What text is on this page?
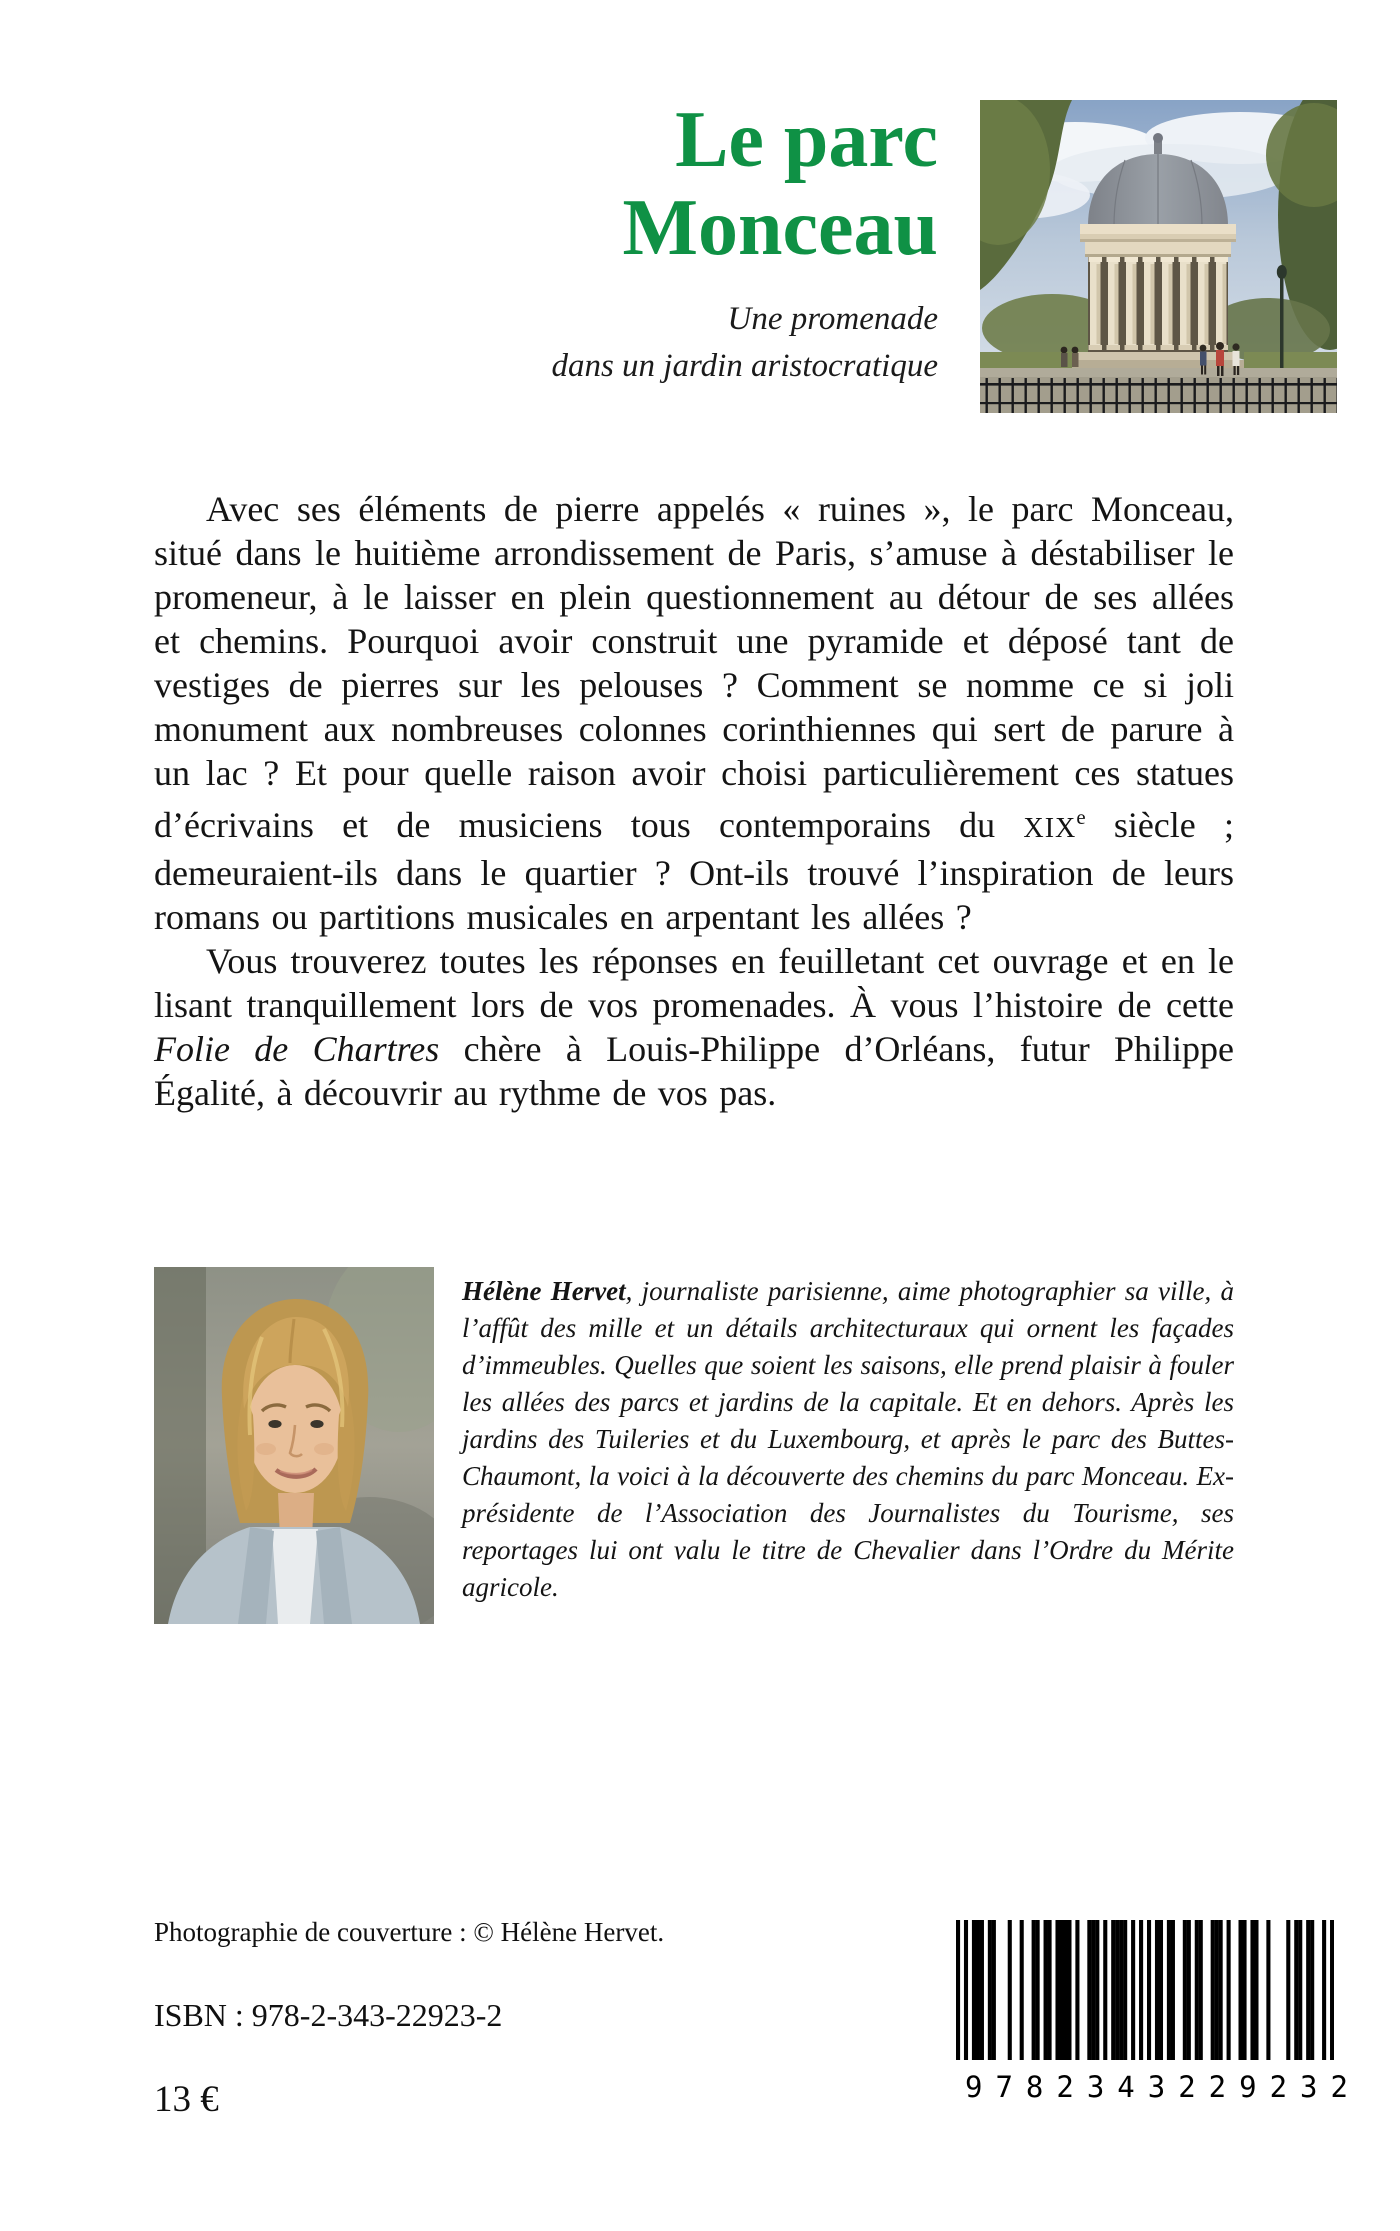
Le parc
Monceau
Une promenade
dans un jardin aristocratique

Avec ses éléments de pierre appelés « ruines », le parc Monceau, situé dans le huitième arrondissement de Paris, s’amuse à déstabiliser le promeneur, à le laisser en plein questionnement au détour de ses allées et chemins. Pourquoi avoir construit une pyramide et déposé tant de vestiges de pierres sur les pelouses ? Comment se nomme ce si joli monument aux nombreuses colonnes corinthiennes qui sert de parure à un lac ? Et pour quelle raison avoir choisi particulièrement ces statues d’écrivains et de musiciens tous contemporains du XIXe siècle ; demeuraient-ils dans le quartier ? Ont-ils trouvé l’inspiration de leurs romans ou partitions musicales en arpentant les allées ?

Vous trouverez toutes les réponses en feuilletant cet ouvrage et en le lisant tranquillement lors de vos promenades. À vous l’histoire de cette Folie de Chartres chère à Louis-Philippe d’Orléans, futur Philippe Égalité, à découvrir au rythme de vos pas.

Hélène Hervet, journaliste parisienne, aime photographier sa ville, à l’affût des mille et un détails architecturaux qui ornent les façades d’immeubles. Quelles que soient les saisons, elle prend plaisir à fouler les allées des parcs et jardins de la capitale. Et en dehors. Après les jardins des Tuileries et du Luxembourg, et après le parc des Buttes-Chaumont, la voici à la découverte des chemins du parc Monceau. Ex-présidente de l’Association des Journalistes du Tourisme, ses reportages lui ont valu le titre de Chevalier dans l’Ordre du Mérite agricole.

Photographie de couverture : © Hélène Hervet.
ISBN : 978-2-343-22923-2
13 €	9782343229232
